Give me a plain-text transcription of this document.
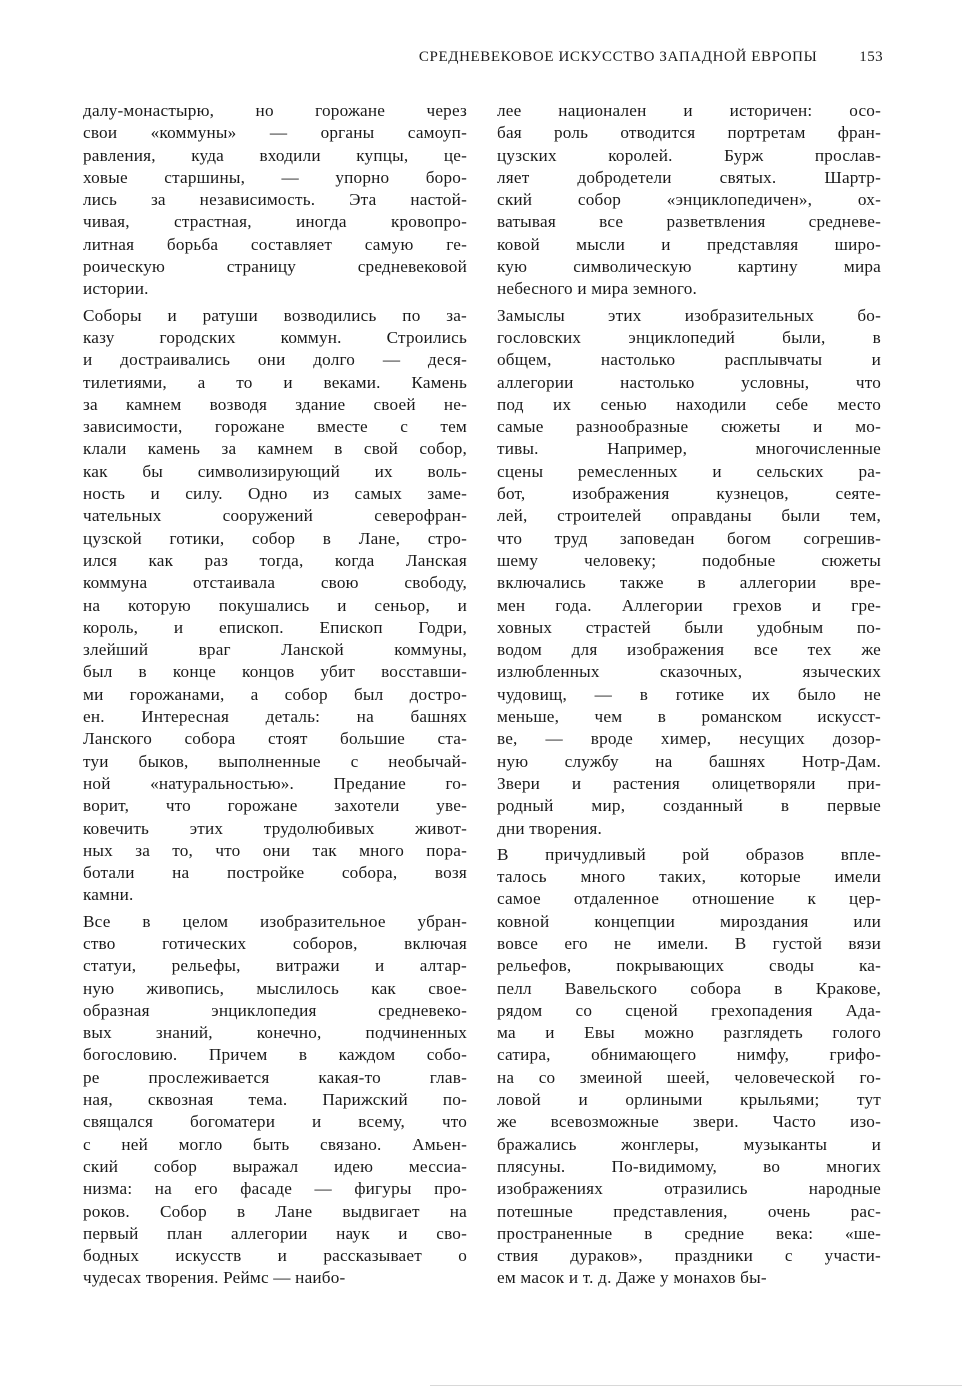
СРЕДНЕВЕКОВОЕ ИСКУССТВО ЗАПАДНОЙ ЕВРОПЫ	153
далу-монастырю, но горожане через
свои «коммуны» — органы самоуп-
равления, куда входили купцы, це-
ховые старшины, — упорно боро-
лись за независимость. Эта настой-
чивая, страстная, иногда кровопро-
литная борьба составляет самую ге-
роическую страницу средневековой
истории.
Соборы и ратуши возводились по за-
казу городских коммун. Строились
и достраивались они долго — деся-
тилетиями, а то и веками. Камень
за камнем возводя здание своей не-
зависимости, горожане вместе с тем
клали камень за камнем в свой собор,
как бы символизирующий их воль-
ность и силу. Одно из самых заме-
чательных сооружений северофран-
цузской готики, собор в Лане, стро-
ился как раз тогда, когда Ланская
коммуна отстаивала свою свободу,
на которую покушались и сеньор, и
король, и епископ. Епископ Годри,
злейший враг Ланской коммуны,
был в конце концов убит восставши-
ми горожанами, а собор был достро-
ен. Интересная деталь: на башнях
Ланского собора стоят большие ста-
туи быков, выполненные с необычай-
ной «натуральностью». Предание го-
ворит, что горожане захотели уве-
ковечить этих трудолюбивых живот-
ных за то, что они так много пора-
ботали на постройке собора, возя
камни.
Все в целом изобразительное убран-
ство готических соборов, включая
статуи, рельефы, витражи и алтар-
ную живопись, мыслилось как свое-
образная энциклопедия средневеко-
вых знаний, конечно, подчиненных
богословию. Причем в каждом собо-
ре прослеживается какая-то глав-
ная, сквозная тема. Парижский по-
свящался богоматери и всему, что
с ней могло быть связано. Амьен-
ский собор выражал идею мессиа-
низма: на его фасаде — фигуры про-
роков. Собор в Лане выдвигает на
первый план аллегории наук и сво-
бодных искусств и рассказывает о
чудесах творения. Реймс — наибо-
лее национален и историчен: осо-
бая роль отводится портретам фран-
цузских королей. Бурж прослав-
ляет добродетели святых. Шартр-
ский собор «энциклопедичен», ох-
ватывая все разветвления средневе-
ковой мысли и представляя широ-
кую символическую картину мира
небесного и мира земного.
Замыслы этих изобразительных бо-
гословских энциклопедий были, в
общем, настолько расплывчаты и
аллегории настолько условны, что
под их сенью находили себе место
самые разнообразные сюжеты и мо-
тивы. Например, многочисленные
сцены ремесленных и сельских ра-
бот, изображения кузнецов, сеяте-
лей, строителей оправданы были тем,
что труд заповедан богом согрешив-
шему человеку; подобные сюжеты
включались также в аллегории вре-
мен года. Аллегории грехов и гре-
ховных страстей были удобным по-
водом для изображения все тех же
излюбленных сказочных, языческих
чудовищ, — в готике их было не
меньше, чем в романском искусст-
ве, — вроде химер, несущих дозор-
ную службу на башнях Нотр-Дам.
Звери и растения олицетворяли при-
родный мир, созданный в первые
дни творения.
В причудливый рой образов впле-
талось много таких, которые имели
самое отдаленное отношение к цер-
ковной концепции мироздания или
вовсе его не имели. В густой вязи
рельефов, покрывающих своды ка-
пелл Вавельского собора в Кракове,
рядом со сценой грехопадения Ада-
ма и Евы можно разглядеть голого
сатира, обнимающего нимфу, грифо-
на со змеиной шеей, человеческой го-
ловой и орлиными крыльями; тут
же всевозможные звери. Часто изо-
бражались жонглеры, музыканты и
плясуны. По-видимому, во многих
изображениях отразились народные
потешные представления, очень рас-
пространенные в средние века: «ше-
ствия дураков», праздники с участи-
ем масок и т. д. Даже у монахов бы-
